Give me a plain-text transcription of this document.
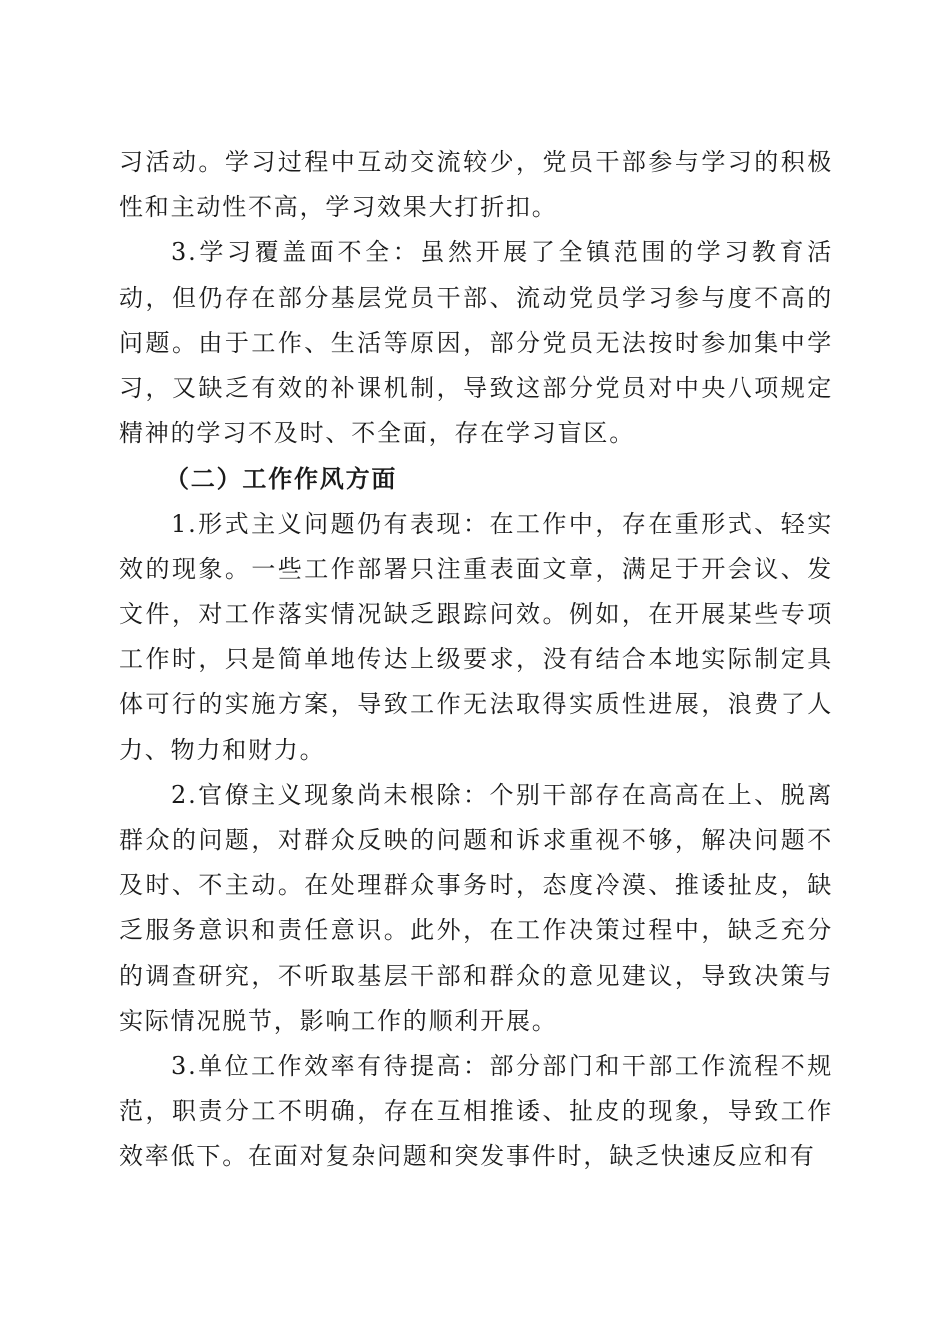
习活动。学习过程中互动交流较少，党员干部参与学习的积极性和主动性不高，学习效果大打折扣。

3.学习覆盖面不全：虽然开展了全镇范围的学习教育活动，但仍存在部分基层党员干部、流动党员学习参与度不高的问题。由于工作、生活等原因，部分党员无法按时参加集中学习，又缺乏有效的补课机制，导致这部分党员对中央八项规定精神的学习不及时、不全面，存在学习盲区。

（二）工作作风方面

1.形式主义问题仍有表现：在工作中，存在重形式、轻实效的现象。一些工作部署只注重表面文章，满足于开会议、发文件，对工作落实情况缺乏跟踪问效。例如，在开展某些专项工作时，只是简单地传达上级要求，没有结合本地实际制定具体可行的实施方案，导致工作无法取得实质性进展，浪费了人力、物力和财力。

2.官僚主义现象尚未根除：个别干部存在高高在上、脱离群众的问题，对群众反映的问题和诉求重视不够，解决问题不及时、不主动。在处理群众事务时，态度冷漠、推诿扯皮，缺乏服务意识和责任意识。此外，在工作决策过程中，缺乏充分的调查研究，不听取基层干部和群众的意见建议，导致决策与实际情况脱节，影响工作的顺利开展。

3.单位工作效率有待提高：部分部门和干部工作流程不规范，职责分工不明确，存在互相推诿、扯皮的现象，导致工作效率低下。在面对复杂问题和突发事件时，缺乏快速反应和有
